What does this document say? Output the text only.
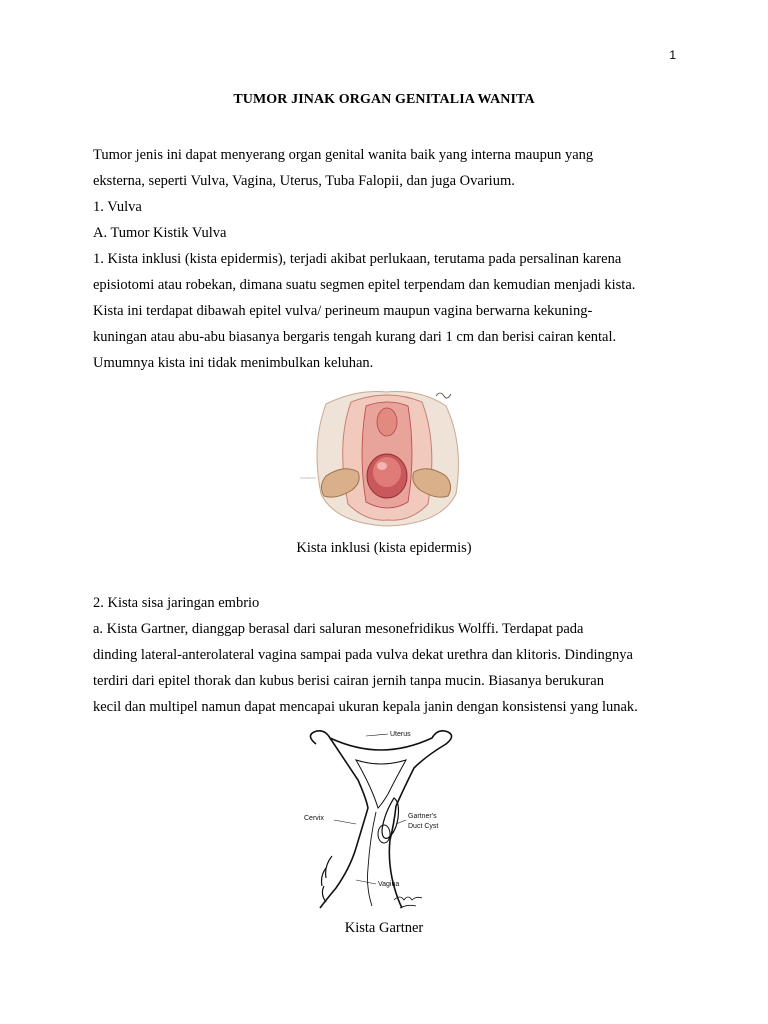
1
TUMOR JINAK ORGAN GENITALIA WANITA

Tumor jenis ini dapat menyerang organ genital wanita baik yang interna maupun yang

eksterna, seperti Vulva, Vagina, Uterus, Tuba Falopii, dan juga Ovarium.

1. Vulva

A. Tumor Kistik Vulva

1. Kista inklusi (kista epidermis), terjadi akibat perlukaan, terutama pada persalinan karena

episiotomi atau robekan, dimana suatu segmen epitel terpendam dan kemudian menjadi kista.

Kista ini terdapat dibawah epitel vulva/ perineum maupun vagina berwarna kekuning-

kuningan atau abu-abu biasanya bergaris tengah kurang dari 1 cm dan berisi cairan kental.

Umumnya kista ini tidak menimbulkan keluhan.

Kista inklusi (kista epidermis)

2. Kista sisa jaringan embrio

a. Kista Gartner, dianggap berasal dari saluran mesonefridikus Wolffi. Terdapat pada

dinding lateral-anterolateral vagina sampai pada vulva dekat urethra dan klitoris. Dindingnya

terdiri dari epitel thorak dan kubus berisi cairan jernih tanpa mucin. Biasanya berukuran

kecil dan multipel namun dapat mencapai ukuran kepala janin dengan konsistensi yang lunak.

Uterus
Cervix	Gartner's
Duct Cyst
Vagina
Kista Gartner
